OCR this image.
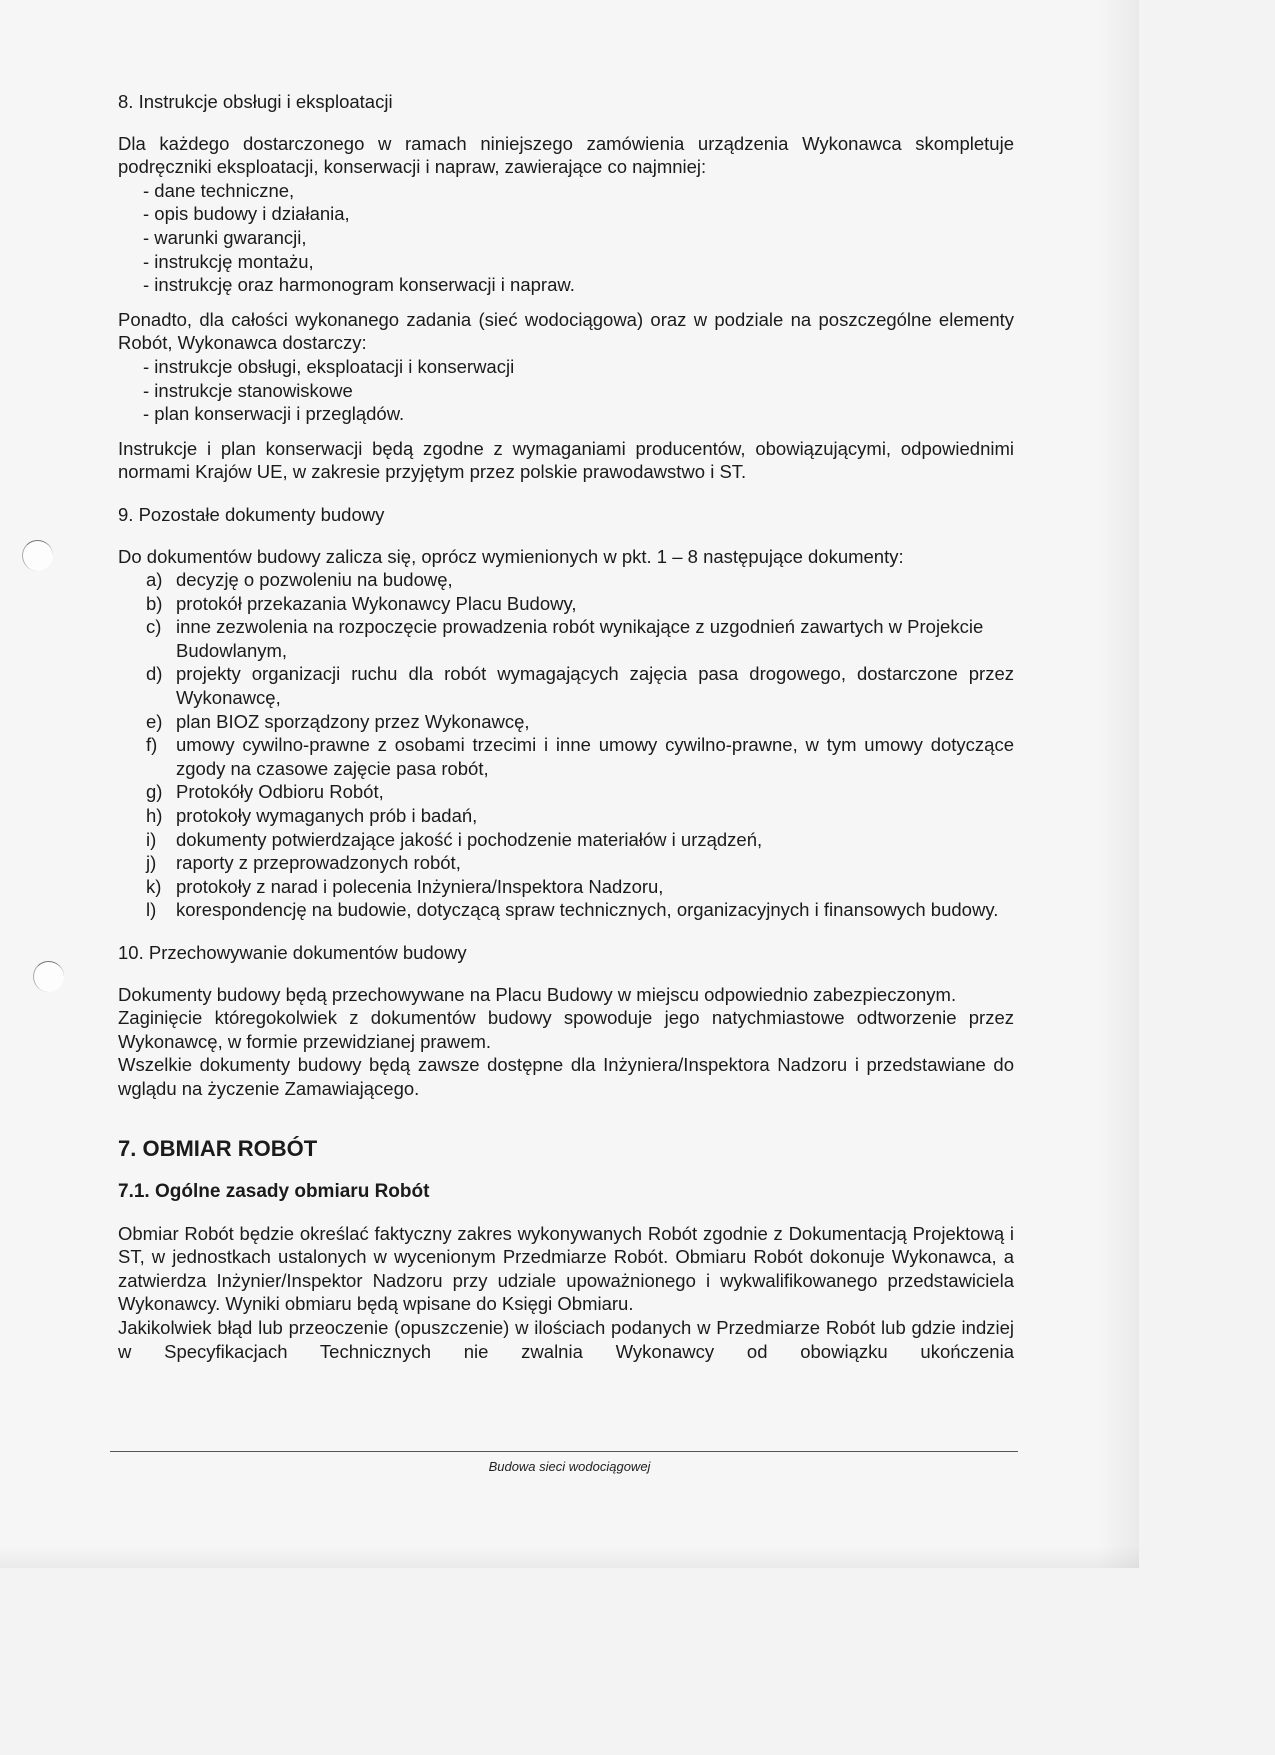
8. Instrukcje obsługi i eksploatacji

Dla każdego dostarczonego w ramach niniejszego zamówienia urządzenia Wykonawca skompletuje podręczniki eksploatacji, konserwacji i napraw, zawierające co najmniej:

- dane techniczne,
- opis budowy i działania,
- warunki gwarancji,
- instrukcję montażu,
- instrukcję oraz harmonogram konserwacji i napraw.

Ponadto, dla całości wykonanego zadania (sieć wodociągowa) oraz w podziale na poszczególne elementy Robót, Wykonawca dostarczy:

- instrukcje obsługi, eksploatacji i konserwacji
- instrukcje stanowiskowe
- plan konserwacji i przeglądów.

Instrukcje i plan konserwacji będą zgodne z wymaganiami producentów, obowiązującymi, odpowiednimi normami Krajów UE, w zakresie przyjętym przez polskie prawodawstwo i ST.

9. Pozostałe dokumenty budowy

Do dokumentów budowy zalicza się, oprócz wymienionych w pkt. 1 – 8 następujące dokumenty:

a) decyzję o pozwoleniu na budowę,
b) protokół przekazania Wykonawcy Placu Budowy,
c) inne zezwolenia na rozpoczęcie prowadzenia robót wynikające z uzgodnień zawartych w Projekcie Budowlanym,
d) projekty organizacji ruchu dla robót wymagających zajęcia pasa drogowego, dostarczone przez Wykonawcę,
e) plan BIOZ sporządzony przez Wykonawcę,
f)	umowy cywilno-prawne z osobami trzecimi i inne umowy cywilno-prawne, w tym umowy dotyczące zgody na czasowe zajęcie pasa robót,
g) Protokóły Odbioru Robót,
h) protokoły wymaganych prób i badań,
i)	dokumenty potwierdzające jakość i pochodzenie materiałów i urządzeń,
j)	raporty z przeprowadzonych robót,
k) protokoły z narad i polecenia Inżyniera/Inspektora Nadzoru,
l)	korespondencję na budowie, dotyczącą spraw technicznych, organizacyjnych i finansowych budowy.

10. Przechowywanie dokumentów budowy

Dokumenty budowy będą przechowywane na Placu Budowy w miejscu odpowiednio zabezpieczonym.

Zaginięcie któregokolwiek z dokumentów budowy spowoduje jego natychmiastowe odtworzenie przez Wykonawcę, w formie przewidzianej prawem.

Wszelkie dokumenty budowy będą zawsze dostępne dla Inżyniera/Inspektora Nadzoru i przedstawiane do wglądu na życzenie Zamawiającego.

7. OBMIAR ROBÓT

7.1. Ogólne zasady obmiaru Robót

Obmiar Robót będzie określać faktyczny zakres wykonywanych Robót zgodnie z Dokumentacją Projektową i ST, w jednostkach ustalonych w wycenionym Przedmiarze Robót. Obmiaru Robót dokonuje Wykonawca, a zatwierdza Inżynier/Inspektor Nadzoru przy udziale upoważnionego i wykwalifikowanego przedstawiciela Wykonawcy. Wyniki obmiaru będą wpisane do Księgi Obmiaru.

Jakikolwiek błąd lub przeoczenie (opuszczenie) w ilościach podanych w Przedmiarze Robót lub gdzie indziej w Specyfikacjach Technicznych nie zwalnia Wykonawcy od obowiązku ukończenia

Budowa sieci wodociągowej
